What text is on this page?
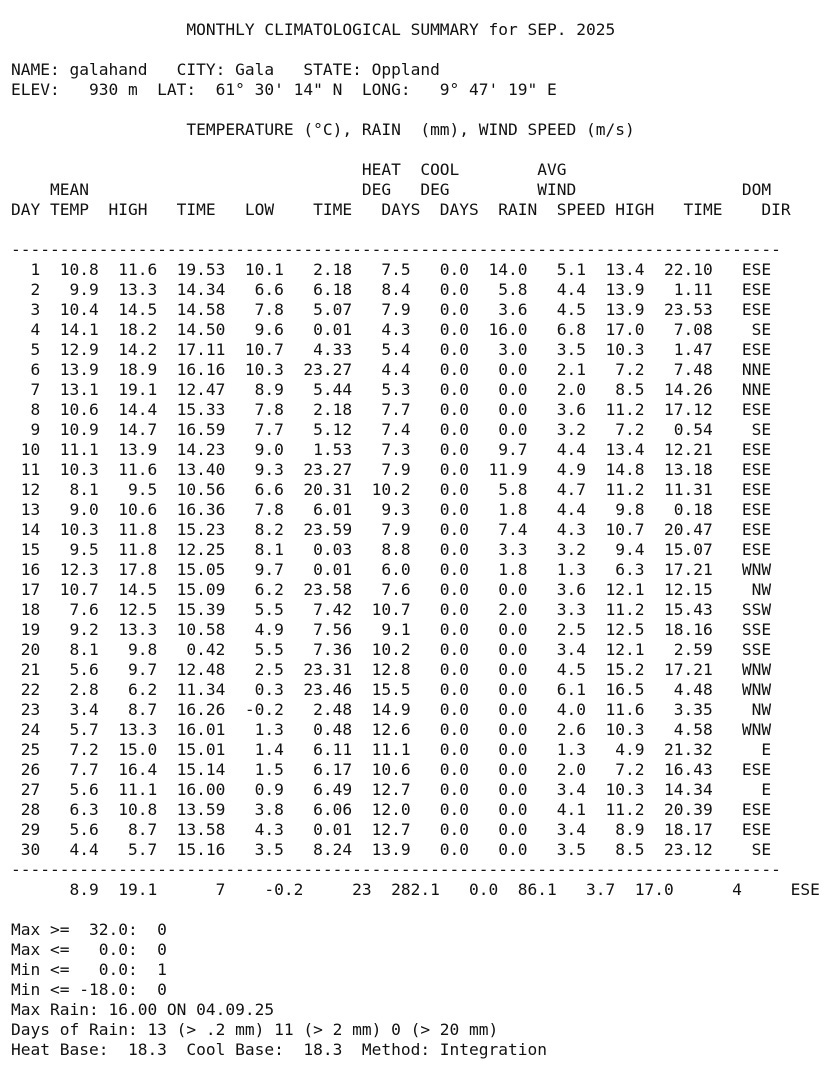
MONTHLY CLIMATOLOGICAL SUMMARY for SEP. 2025
NAME: galahand   CITY: Gala   STATE: Oppland
ELEV:   930 m  LAT:  61° 30' 14" N  LONG:   9° 47' 19" E
TEMPERATURE (°C), RAIN  (mm), WIND SPEED (m/s)
HEAT  COOL        AVG
MEAN                            DEG   DEG         WIND                 DOM
DAY TEMP  HIGH   TIME   LOW    TIME   DAYS  DAYS  RAIN  SPEED HIGH   TIME    DIR
-------------------------------------------------------------------------------
1  10.8  11.6  19.53  10.1   2.18   7.5   0.0  14.0   5.1  13.4  22.10   ESE
2   9.9  13.3  14.34   6.6   6.18   8.4   0.0   5.8   4.4  13.9   1.11   ESE
3  10.4  14.5  14.58   7.8   5.07   7.9   0.0   3.6   4.5  13.9  23.53   ESE
4  14.1  18.2  14.50   9.6   0.01   4.3   0.0  16.0   6.8  17.0   7.08    SE
5  12.9  14.2  17.11  10.7   4.33   5.4   0.0   3.0   3.5  10.3   1.47   ESE
6  13.9  18.9  16.16  10.3  23.27   4.4   0.0   0.0   2.1   7.2   7.48   NNE
7  13.1  19.1  12.47   8.9   5.44   5.3   0.0   0.0   2.0   8.5  14.26   NNE
8  10.6  14.4  15.33   7.8   2.18   7.7   0.0   0.0   3.6  11.2  17.12   ESE
9  10.9  14.7  16.59   7.7   5.12   7.4   0.0   0.0   3.2   7.2   0.54    SE
10  11.1  13.9  14.23   9.0   1.53   7.3   0.0   9.7   4.4  13.4  12.21   ESE
11  10.3  11.6  13.40   9.3  23.27   7.9   0.0  11.9   4.9  14.8  13.18   ESE
12   8.1   9.5  10.56   6.6  20.31  10.2   0.0   5.8   4.7  11.2  11.31   ESE
13   9.0  10.6  16.36   7.8   6.01   9.3   0.0   1.8   4.4   9.8   0.18   ESE
14  10.3  11.8  15.23   8.2  23.59   7.9   0.0   7.4   4.3  10.7  20.47   ESE
15   9.5  11.8  12.25   8.1   0.03   8.8   0.0   3.3   3.2   9.4  15.07   ESE
16  12.3  17.8  15.05   9.7   0.01   6.0   0.0   1.8   1.3   6.3  17.21   WNW
17  10.7  14.5  15.09   6.2  23.58   7.6   0.0   0.0   3.6  12.1  12.15    NW
18   7.6  12.5  15.39   5.5   7.42  10.7   0.0   2.0   3.3  11.2  15.43   SSW
19   9.2  13.3  10.58   4.9   7.56   9.1   0.0   0.0   2.5  12.5  18.16   SSE
20   8.1   9.8   0.42   5.5   7.36  10.2   0.0   0.0   3.4  12.1   2.59   SSE
21   5.6   9.7  12.48   2.5  23.31  12.8   0.0   0.0   4.5  15.2  17.21   WNW
22   2.8   6.2  11.34   0.3  23.46  15.5   0.0   0.0   6.1  16.5   4.48   WNW
23   3.4   8.7  16.26  -0.2   2.48  14.9   0.0   0.0   4.0  11.6   3.35    NW
24   5.7  13.3  16.01   1.3   0.48  12.6   0.0   0.0   2.6  10.3   4.58   WNW
25   7.2  15.0  15.01   1.4   6.11  11.1   0.0   0.0   1.3   4.9  21.32     E
26   7.7  16.4  15.14   1.5   6.17  10.6   0.0   0.0   2.0   7.2  16.43   ESE
27   5.6  11.1  16.00   0.9   6.49  12.7   0.0   0.0   3.4  10.3  14.34     E
28   6.3  10.8  13.59   3.8   6.06  12.0   0.0   0.0   4.1  11.2  20.39   ESE
29   5.6   8.7  13.58   4.3   0.01  12.7   0.0   0.0   3.4   8.9  18.17   ESE
30   4.4   5.7  15.16   3.5   8.24  13.9   0.0   0.0   3.5   8.5  23.12    SE
-------------------------------------------------------------------------------
8.9  19.1      7    -0.2     23  282.1   0.0  86.1   3.7  17.0      4     ESE
Max >=  32.0:  0
Max <=   0.0:  0
Min <=   0.0:  1
Min <= -18.0:  0
Max Rain: 16.00 ON 04.09.25
Days of Rain: 13 (> .2 mm) 11 (> 2 mm) 0 (> 20 mm)
Heat Base:  18.3  Cool Base:  18.3  Method: Integration
